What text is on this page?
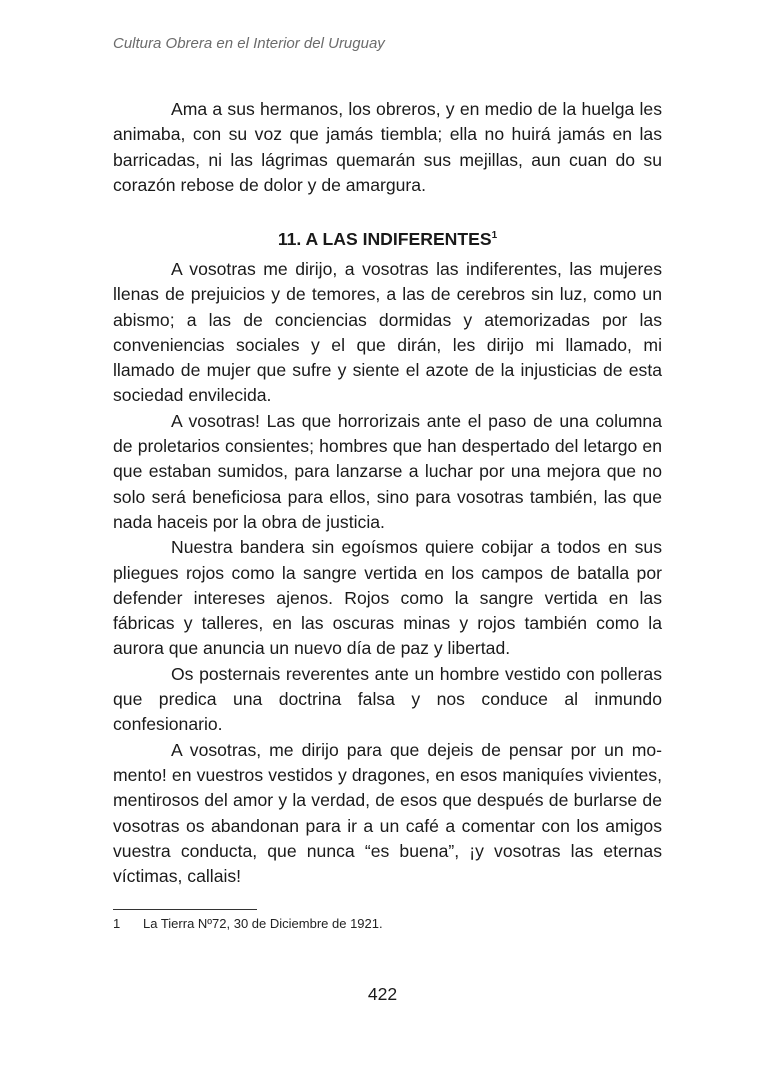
Cultura Obrera en el Interior del Uruguay

Ama a sus hermanos, los obreros, y en medio de la huelga les animaba, con su voz que jamás tiembla; ella no huirá jamás en las barricadas, ni las lágrimas quemarán sus mejillas, aun cuan do su corazón rebose de dolor y de amargura.

11. A LAS INDIFERENTES$^1$

A vosotras me dirijo, a vosotras las indiferentes, las mujeres llenas de prejuicios y de temores, a las de cerebros sin luz, como un abismo; a las de conciencias dormidas y atemorizadas por las conveniencias sociales y el que dirán, les dirijo mi llamado, mi llamado de mujer que sufre y siente el azote de la injusticias de esta sociedad envilecida.

A vosotras! Las que horrorizais ante el paso de una columna de proletarios consientes; hombres que han despertado del letargo en que estaban sumidos, para lanzarse a luchar por una mejora que no solo será beneficiosa para ellos, sino para vosotras también, las que nada haceis por la obra de justicia.

Nuestra bandera sin egoísmos quiere cobijar a todos en sus pliegues rojos como la sangre vertida en los campos de batalla por defender intereses ajenos. Rojos como la sangre vertida en las fábricas y talleres, en las oscuras minas y rojos también como la aurora que anuncia un nuevo día de paz y libertad.

Os posternais reverentes ante un hombre vestido con polleras que predica una doctrina falsa y nos conduce al inmundo confesionario.

A vosotras, me dirijo para que dejeis de pensar por un momento! en vuestros vestidos y dragones, en esos maniquíes vivientes, mentirosos del amor y la verdad, de esos que después de burlarse de vosotras os abandonan para ir a un café a comentar con los amigos vuestra conducta, que nunca “es buena”, ¡y vosotras las eternas víctimas, callais!

1 La Tierra Nº72, 30 de Diciembre de 1921.
422
